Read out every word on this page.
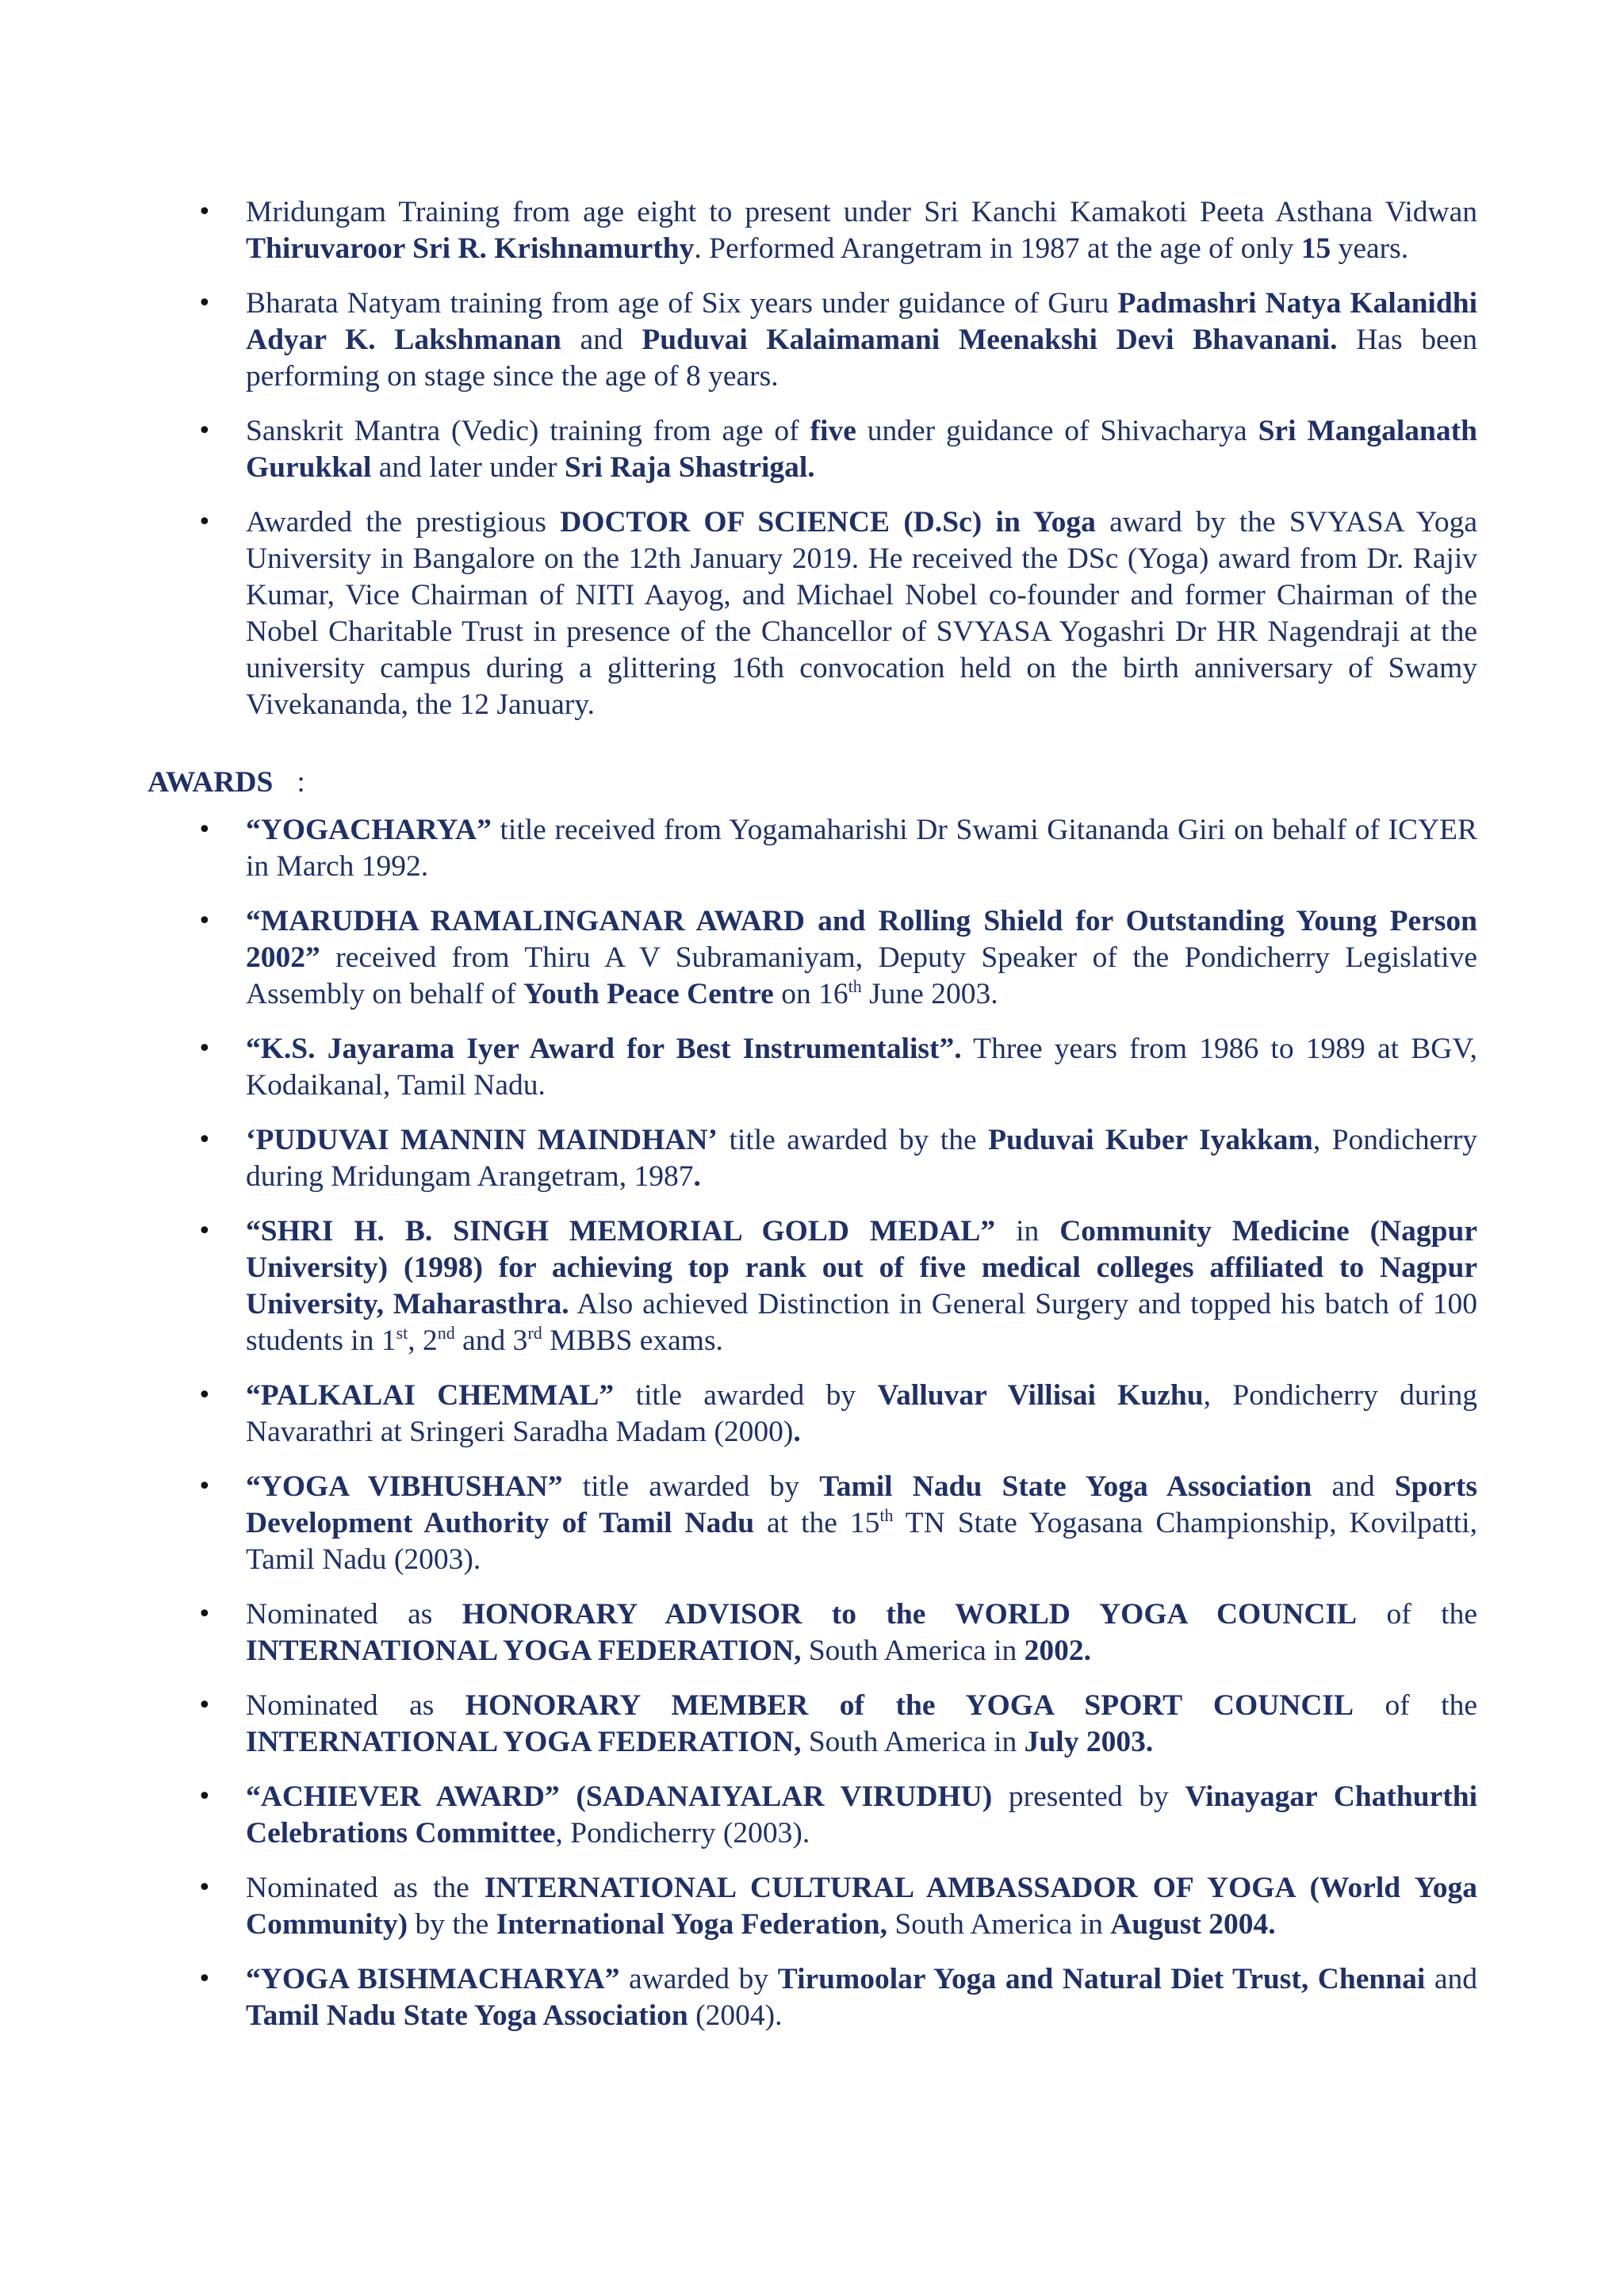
• Mridungam Training from age eight to present under Sri Kanchi Kamakoti Peeta Asthana Vidwan Thiruvaroor Sri R. Krishnamurthy. Performed Arangetram in 1987 at the age of only 15 years.
• Bharata Natyam training from age of Six years under guidance of Guru Padmashri Natya Kalanidhi Adyar K. Lakshmanan and Puduvai Kalaimamani Meenakshi Devi Bhavanani. Has been performing on stage since the age of 8 years.
• Sanskrit Mantra (Vedic) training from age of five under guidance of Shivacharya Sri Mangalanath Gurukkal and later under Sri Raja Shastrigal.
• Awarded the prestigious DOCTOR OF SCIENCE (D.Sc) in Yoga award by the SVYASA Yoga University in Bangalore on the 12th January 2019. He received the DSc (Yoga) award from Dr. Rajiv Kumar, Vice Chairman of NITI Aayog, and Michael Nobel co-founder and former Chairman of the Nobel Charitable Trust in presence of the Chancellor of SVYASA Yogashri Dr HR Nagendraji at the university campus during a glittering 16th convocation held on the birth anniversary of Swamy Vivekananda, the 12 January.
AWARDS :
• “YOGACHARYA” title received from Yogamaharishi Dr Swami Gitananda Giri on behalf of ICYER in March 1992.
• “MARUDHA RAMALINGANAR AWARD and Rolling Shield for Outstanding Young Person 2002” received from Thiru A V Subramaniyam, Deputy Speaker of the Pondicherry Legislative Assembly on behalf of Youth Peace Centre on 16th June 2003.
• “K.S. Jayarama Iyer Award for Best Instrumentalist”. Three years from 1986 to 1989 at BGV, Kodaikanal, Tamil Nadu.
• ‘PUDUVAI MANNIN MAINDHAN’ title awarded by the Puduvai Kuber Iyakkam, Pondicherry during Mridungam Arangetram, 1987.
• “SHRI H. B. SINGH MEMORIAL GOLD MEDAL” in Community Medicine (Nagpur University) (1998) for achieving top rank out of five medical colleges affiliated to Nagpur University, Maharasthra. Also achieved Distinction in General Surgery and topped his batch of 100 students in 1st, 2nd and 3rd MBBS exams.
• “PALKALAI CHEMMAL” title awarded by Valluvar Villisai Kuzhu, Pondicherry during Navarathri at Sringeri Saradha Madam (2000).
• “YOGA VIBHUSHAN” title awarded by Tamil Nadu State Yoga Association and Sports Development Authority of Tamil Nadu at the 15th TN State Yogasana Championship, Kovilpatti, Tamil Nadu (2003).
• Nominated as HONORARY ADVISOR to the WORLD YOGA COUNCIL of the INTERNATIONAL YOGA FEDERATION, South America in 2002.
• Nominated as HONORARY MEMBER of the YOGA SPORT COUNCIL of the INTERNATIONAL YOGA FEDERATION, South America in July 2003.
• “ACHIEVER AWARD” (SADANAIYALAR VIRUDHU) presented by Vinayagar Chathurthi Celebrations Committee, Pondicherry (2003).
• Nominated as the INTERNATIONAL CULTURAL AMBASSADOR OF YOGA (World Yoga Community) by the International Yoga Federation, South America in August 2004.
• “YOGA BISHMACHARYA” awarded by Tirumoolar Yoga and Natural Diet Trust, Chennai and Tamil Nadu State Yoga Association (2004).
